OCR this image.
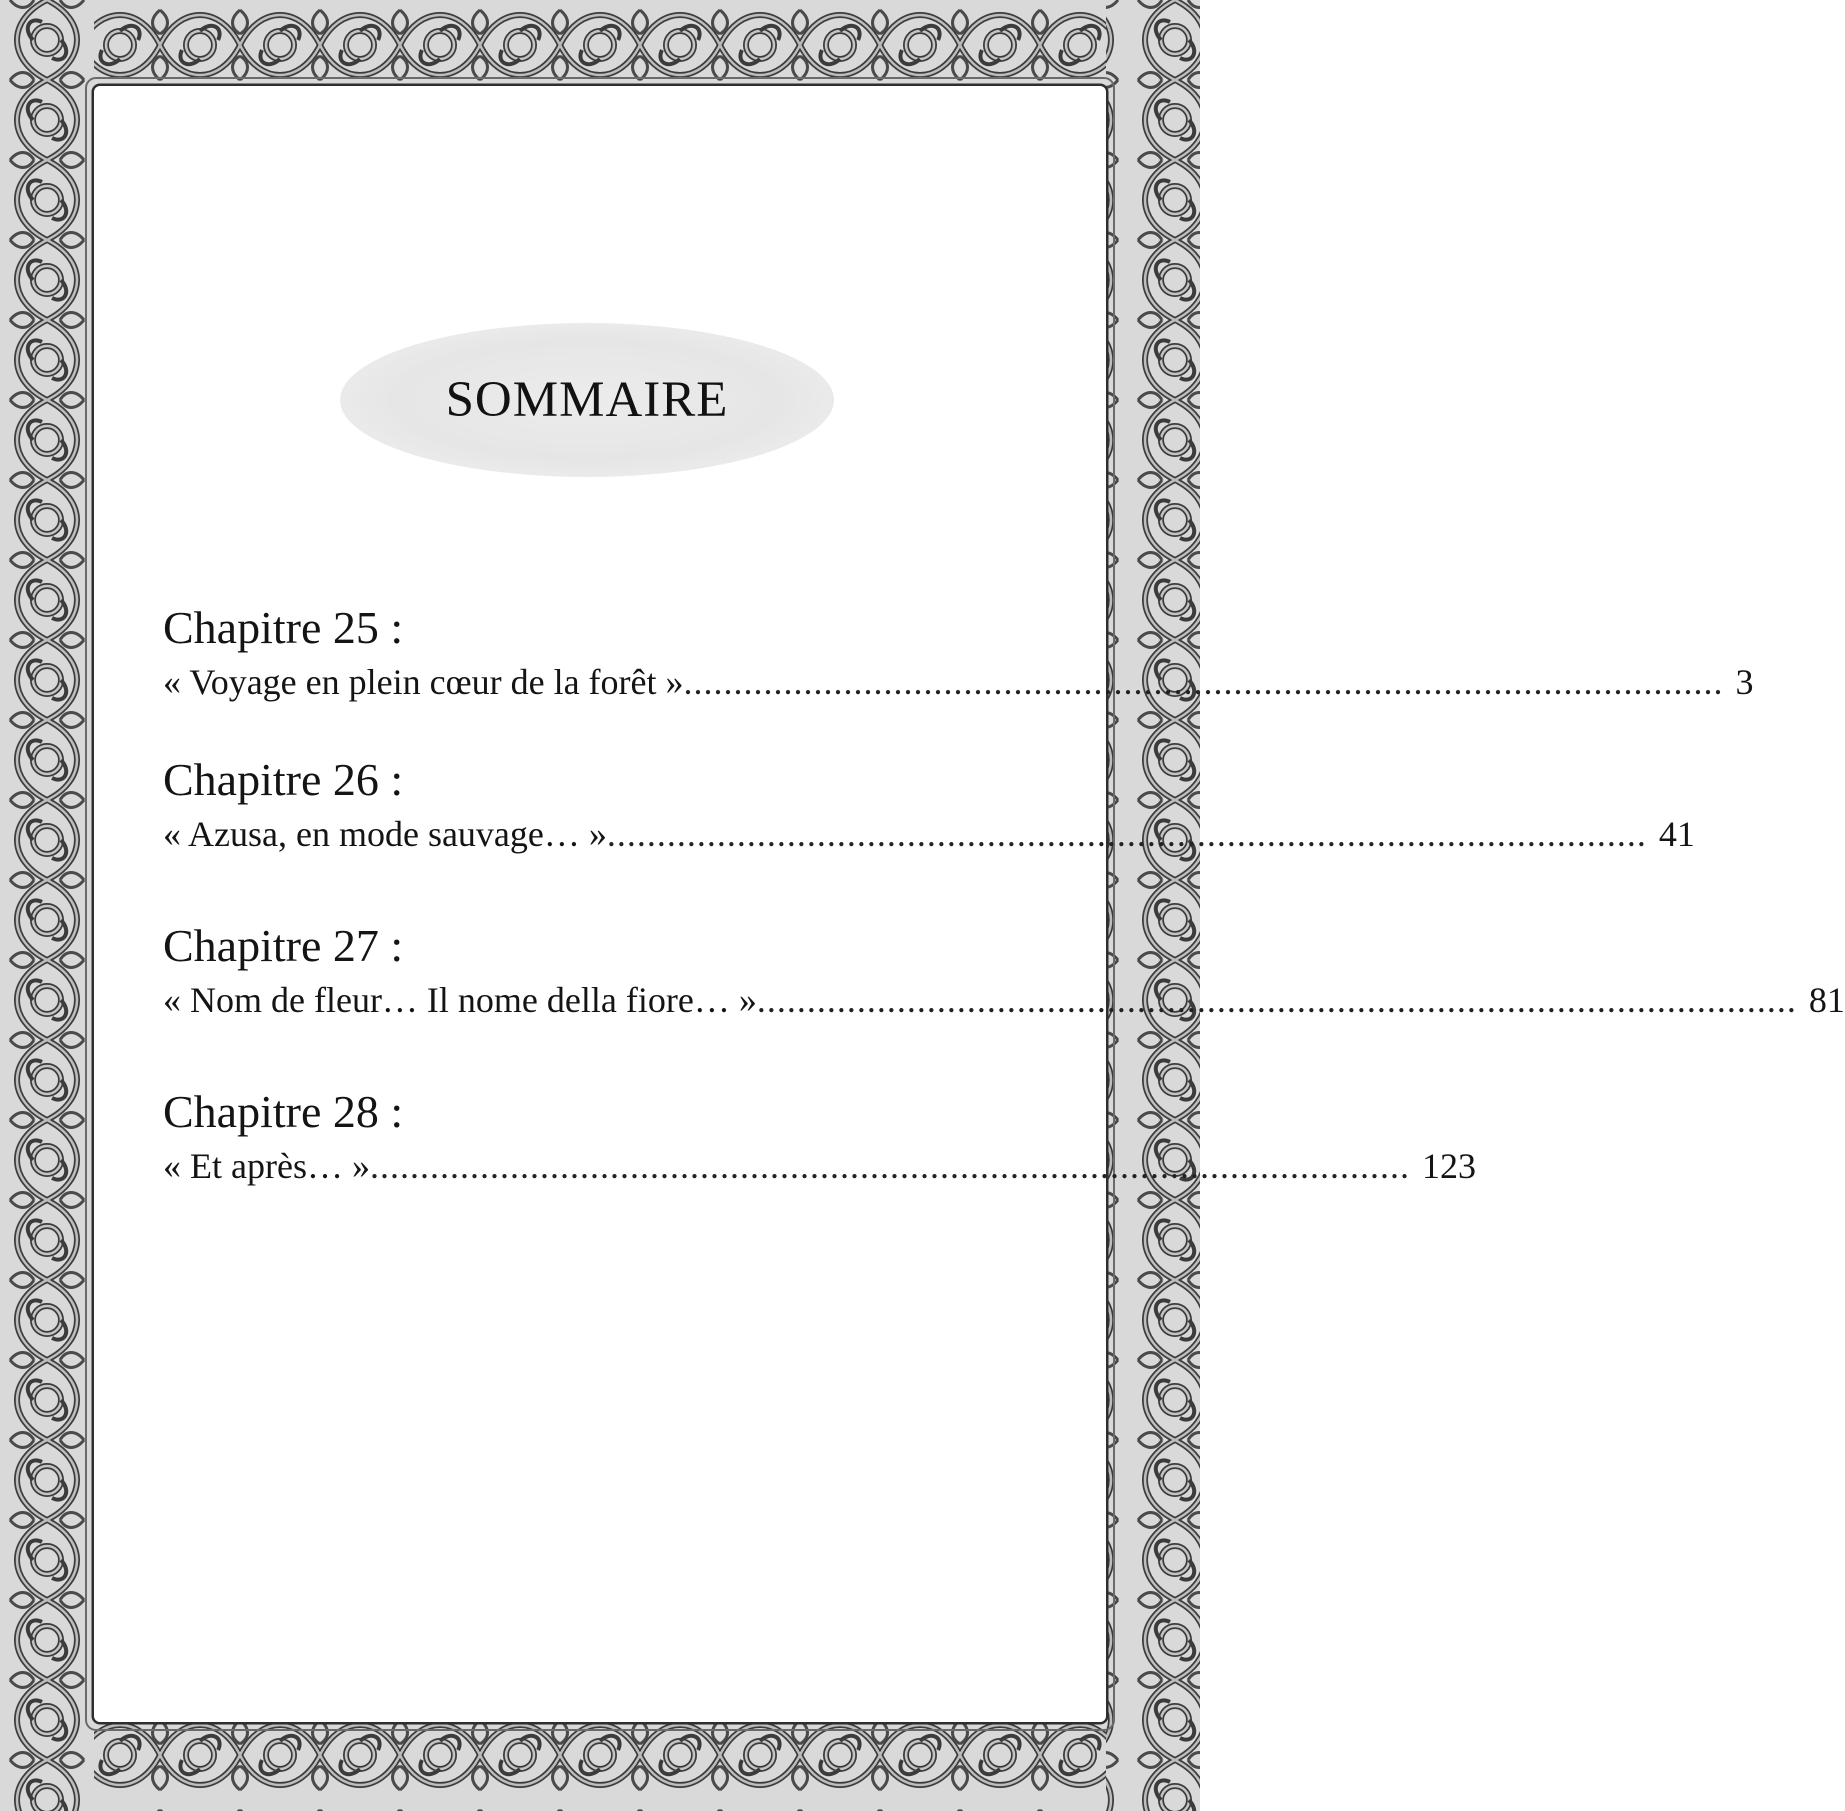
SOMMAIRE
Chapitre 25 :
« Voyage en plein cœur de la forêt » ........................................................................................................ 3
Chapitre 26 :
« Azusa, en mode sauvage… » ........................................................................................................ 41
Chapitre 27 :
« Nom de fleur… Il nome della fiore… » ........................................................................................................ 81
Chapitre 28 :
« Et après… » ........................................................................................................ 123
